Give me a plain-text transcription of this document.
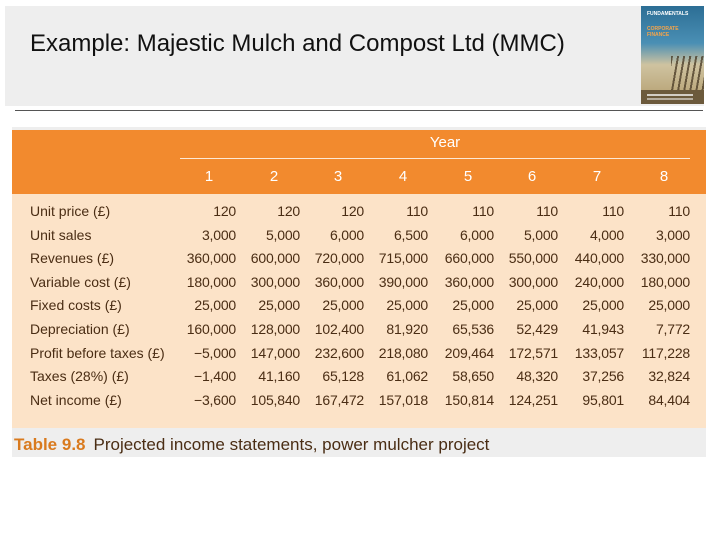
Example: Majestic Mulch and Compost Ltd (MMC)
FUNDAMENTALS
CORPORATE FINANCE
Year
1	2	3	4	5	6	7	8
Unit price (£)	120	120	120	110	110	110	110	110
Unit sales	3,000	5,000	6,000	6,500	6,000	5,000	4,000	3,000
Revenues (£)	360,000	600,000	720,000	715,000	660,000	550,000	440,000	330,000
Variable cost (£)	180,000	300,000	360,000	390,000	360,000	300,000	240,000	180,000
Fixed costs (£)	25,000	25,000	25,000	25,000	25,000	25,000	25,000	25,000
Depreciation (£)	160,000	128,000	102,400	81,920	65,536	52,429	41,943	7,772
Profit before taxes (£)	−5,000	147,000	232,600	218,080	209,464	172,571	133,057	117,228
Taxes (28%) (£)	−1,400	41,160	65,128	61,062	58,650	48,320	37,256	32,824
Net income (£)	−3,600	105,840	167,472	157,018	150,814	124,251	95,801	84,404
Table 9.8 Projected income statements, power mulcher project
